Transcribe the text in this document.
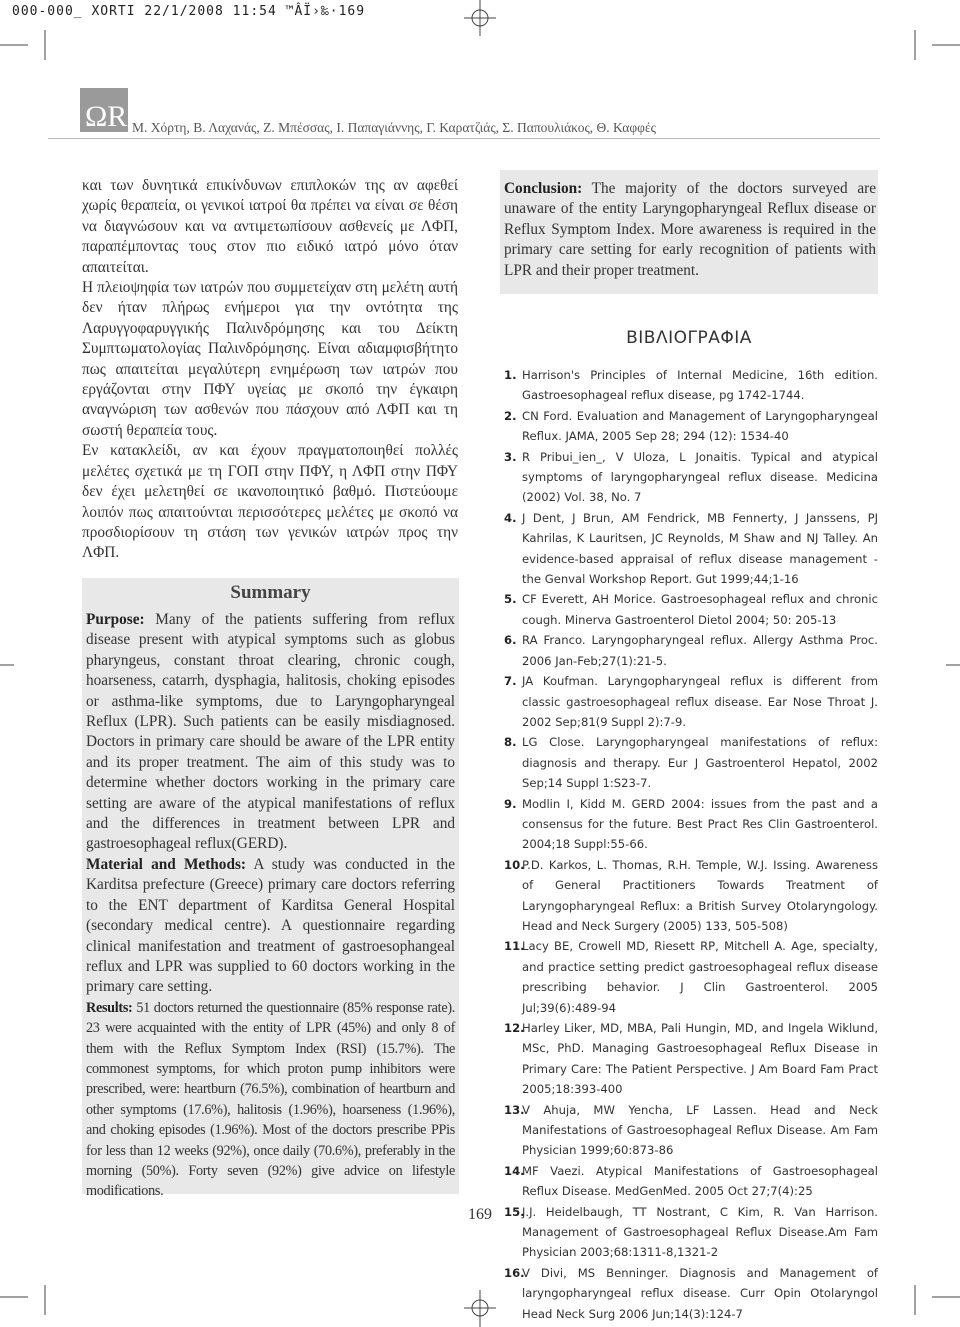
000-000_ XORTI 22/1/2008 11:54 ™ÂÏ›‰·169
ΩR Μ. Χόρτη, Β. Λαχανάς, Ζ. Μπέσσας, Ι. Παπαγιάννης, Γ. Καρατζιάς, Σ. Παπουλιάκος, Θ. Καφφές

και των δυνητικά επικίνδυνων επιπλοκών της αν αφεθεί χωρίς θεραπεία, οι γενικοί ιατροί θα πρέπει να είναι σε θέση να διαγνώσουν και να αντιμετωπίσουν ασθενείς με ΛΦΠ, παραπέμποντας τους στον πιο ειδικό ιατρό μόνο όταν απαιτείται.

Η πλειοψηφία των ιατρών που συμμετείχαν στη μελέτη αυτή δεν ήταν πλήρως ενήμεροι για την οντότητα της Λαρυγγοφαρυγγικής Παλινδρόμησης και του Δείκτη Συμπτωματολογίας Παλινδρόμησης. Είναι αδιαμφισβήτητο πως απαιτείται μεγαλύτερη ενημέρωση των ιατρών που εργάζονται στην ΠΦΥ υγείας με σκοπό την έγκαιρη αναγνώριση των ασθενών που πάσχουν από ΛΦΠ και τη σωστή θεραπεία τους.

Εν κατακλείδι, αν και έχουν πραγματοποιηθεί πολλές μελέτες σχετικά με τη ΓΟΠ στην ΠΦΥ, η ΛΦΠ στην ΠΦΥ δεν έχει μελετηθεί σε ικανοποιητικό βαθμό. Πιστεύουμε λοιπόν πως απαιτούνται περισσότερες μελέτες με σκοπό να προσδιορίσουν τη στάση των γενικών ιατρών προς την ΛΦΠ.

Summary

Purpose: Many of the patients suffering from reflux disease present with atypical symptoms such as globus pharyngeus, constant throat clearing, chronic cough, hoarseness, catarrh, dysphagia, halitosis, choking episodes or asthma-like symptoms, due to Laryngopharyngeal Reflux (LPR). Such patients can be easily misdiagnosed. Doctors in primary care should be aware of the LPR entity and its proper treatment. The aim of this study was to determine whether doctors working in the primary care setting are aware of the atypical manifestations of reflux and the differences in treatment between LPR and gastroesophageal reflux(GERD).

Material and Methods: A study was conducted in the Karditsa prefecture (Greece) primary care doctors referring to the ENT department of Karditsa General Hospital (secondary medical centre). A questionnaire regarding clinical manifestation and treatment of gastroesophangeal reflux and LPR was supplied to 60 doctors working in the primary care setting.

Results: 51 doctors returned the questionnaire (85% response rate). 23 were acquainted with the entity of LPR (45%) and only 8 of them with the Reflux Symptom Index (RSI) (15.7%). The commonest symptoms, for which proton pump inhibitors were prescribed, were: heartburn (76.5%), combination of heartburn and other symptoms (17.6%), halitosis (1.96%), hoarseness (1.96%), and choking episodes (1.96%). Most of the doctors prescribe PPis for less than 12 weeks (92%), once daily (70.6%), preferably in the morning (50%). Forty seven (92%) give advice on lifestyle modifications.

Conclusion: The majority of the doctors surveyed are unaware of the entity Laryngopharyngeal Reflux disease or Reflux Symptom Index. More awareness is required in the primary care setting for early recognition of patients with LPR and their proper treatment.
ΒΙΒΛΙΟΓΡΑΦΙΑ
1. Harrison's Principles of Internal Medicine, 16th edition. Gastroesophageal reflux disease, pg 1742-1744.
2. CN Ford. Evaluation and Management of Laryngopharyngeal Reflux. JAMA, 2005 Sep 28; 294 (12): 1534-40
3. R Pribui_ien_, V Uloza, L Jonaitis. Typical and atypical symptoms of laryngopharyngeal reflux disease. Medicina (2002) Vol. 38, No. 7
4. J Dent, J Brun, AM Fendrick, MB Fennerty, J Janssens, PJ Kahrilas, K Lauritsen, JC Reynolds, M Shaw and NJ Talley. An evidence-based appraisal of reflux disease management - the Genval Workshop Report. Gut 1999;44;1-16
5. CF Everett, AH Morice. Gastroesophageal reflux and chronic cough. Minerva Gastroenterol Dietol 2004; 50: 205-13
6. RA Franco. Laryngopharyngeal reflux. Allergy Asthma Proc. 2006 Jan-Feb;27(1):21-5.
7. JA Koufman. Laryngopharyngeal reflux is different from classic gastroesophageal reflux disease. Ear Nose Throat J. 2002 Sep;81(9 Suppl 2):7-9.
8. LG Close. Laryngopharyngeal manifestations of reflux: diagnosis and therapy. Eur J Gastroenterol Hepatol, 2002 Sep;14 Suppl 1:S23-7.
9. Modlin I, Kidd M. GERD 2004: issues from the past and a consensus for the future. Best Pract Res Clin Gastroenterol. 2004;18 Suppl:55-66.
10.
P.D. Karkos, L. Thomas, R.H. Temple, W.J. Issing. Awareness of General Practitioners Towards Treatment of Laryngopharyngeal Reflux: a British Survey Otolaryngology. Head and Neck Surgery (2005) 133, 505-508)
11.
Lacy BE, Crowell MD, Riesett RP, Mitchell A. Age, specialty, and practice setting predict gastroesophageal reflux disease prescribing behavior. J Clin Gastroenterol. 2005 Jul;39(6):489-94
12.
Harley Liker, MD, MBA, Pali Hungin, MD, and Ingela Wiklund, MSc, PhD. Managing Gastroesophageal Reflux Disease in Primary Care: The Patient Perspective. J Am Board Fam Pract 2005;18:393-400
13.
V Ahuja, MW Yencha, LF Lassen. Head and Neck Manifestations of Gastroesophageal Reflux Disease. Am Fam Physician 1999;60:873-86
14.
MF Vaezi. Atypical Manifestations of Gastroesophageal Reflux Disease. MedGenMed. 2005 Oct 27;7(4):25
15.
J.J. Heidelbaugh, TT Nostrant, C Kim, R. Van Harrison. Management of Gastroesophageal Reflux Disease.Am Fam Physician 2003;68:1311-8,1321-2
16.
V Divi, MS Benninger. Diagnosis and Management of laryngopharyngeal reflux disease. Curr Opin Otolaryngol Head Neck Surg 2006 Jun;14(3):124-7
169
